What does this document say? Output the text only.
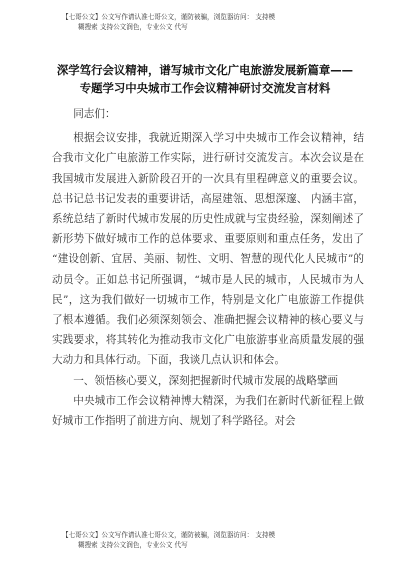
【七哥公文】公文写作请认准七哥公文，谨防被骗，浏览器访问： 支持模
糊搜索 支持公文润色，专业公文 代写
深学笃行会议精神，谱写城市文化广电旅游发展新篇章——
专题学习中央城市工作会议精神研讨交流发言材料

同志们：

根据会议安排，我就近期深入学习中央城市工作会议精神，结合我市文化广电旅游工作实际，进行研讨交流发言。本次会议是在我国城市发展进入新阶段召开的一次具有里程碑意义的重要会议。总书记总书记发表的重要讲话，高屋建瓴、思想深邃、 内涵丰富，系统总结了新时代城市发展的历史性成就与宝贵经验，深刻阐述了新形势下做好城市工作的总体要求、重要原则和重点任务，发出了 “建设创新、宜居、美丽、韧性、文明、智慧的现代化人民城市”的动员令。正如总书记所强调，“城市是人民的城市，人民城市为人民”，这为我们做好一切城市工作，特别是文化广电旅游工作提供了根本遵循。我们必须深刻领会、准确把握会议精神的核心要义与实践要求，将其转化为推动我市文化广电旅游事业高质量发展的强大动力和具体行动。下面，我谈几点认识和体会。

一、领悟核心要义，深刻把握新时代城市发展的战略擘画

中央城市工作会议精神博大精深，为我们在新时代新征程上做好城市工作指明了前进方向、规划了科学路径。对会

【七哥公文】公文写作请认准七哥公文，谨防被骗，浏览器访问： 支持模
糊搜索 支持公文润色，专业公文 代写
